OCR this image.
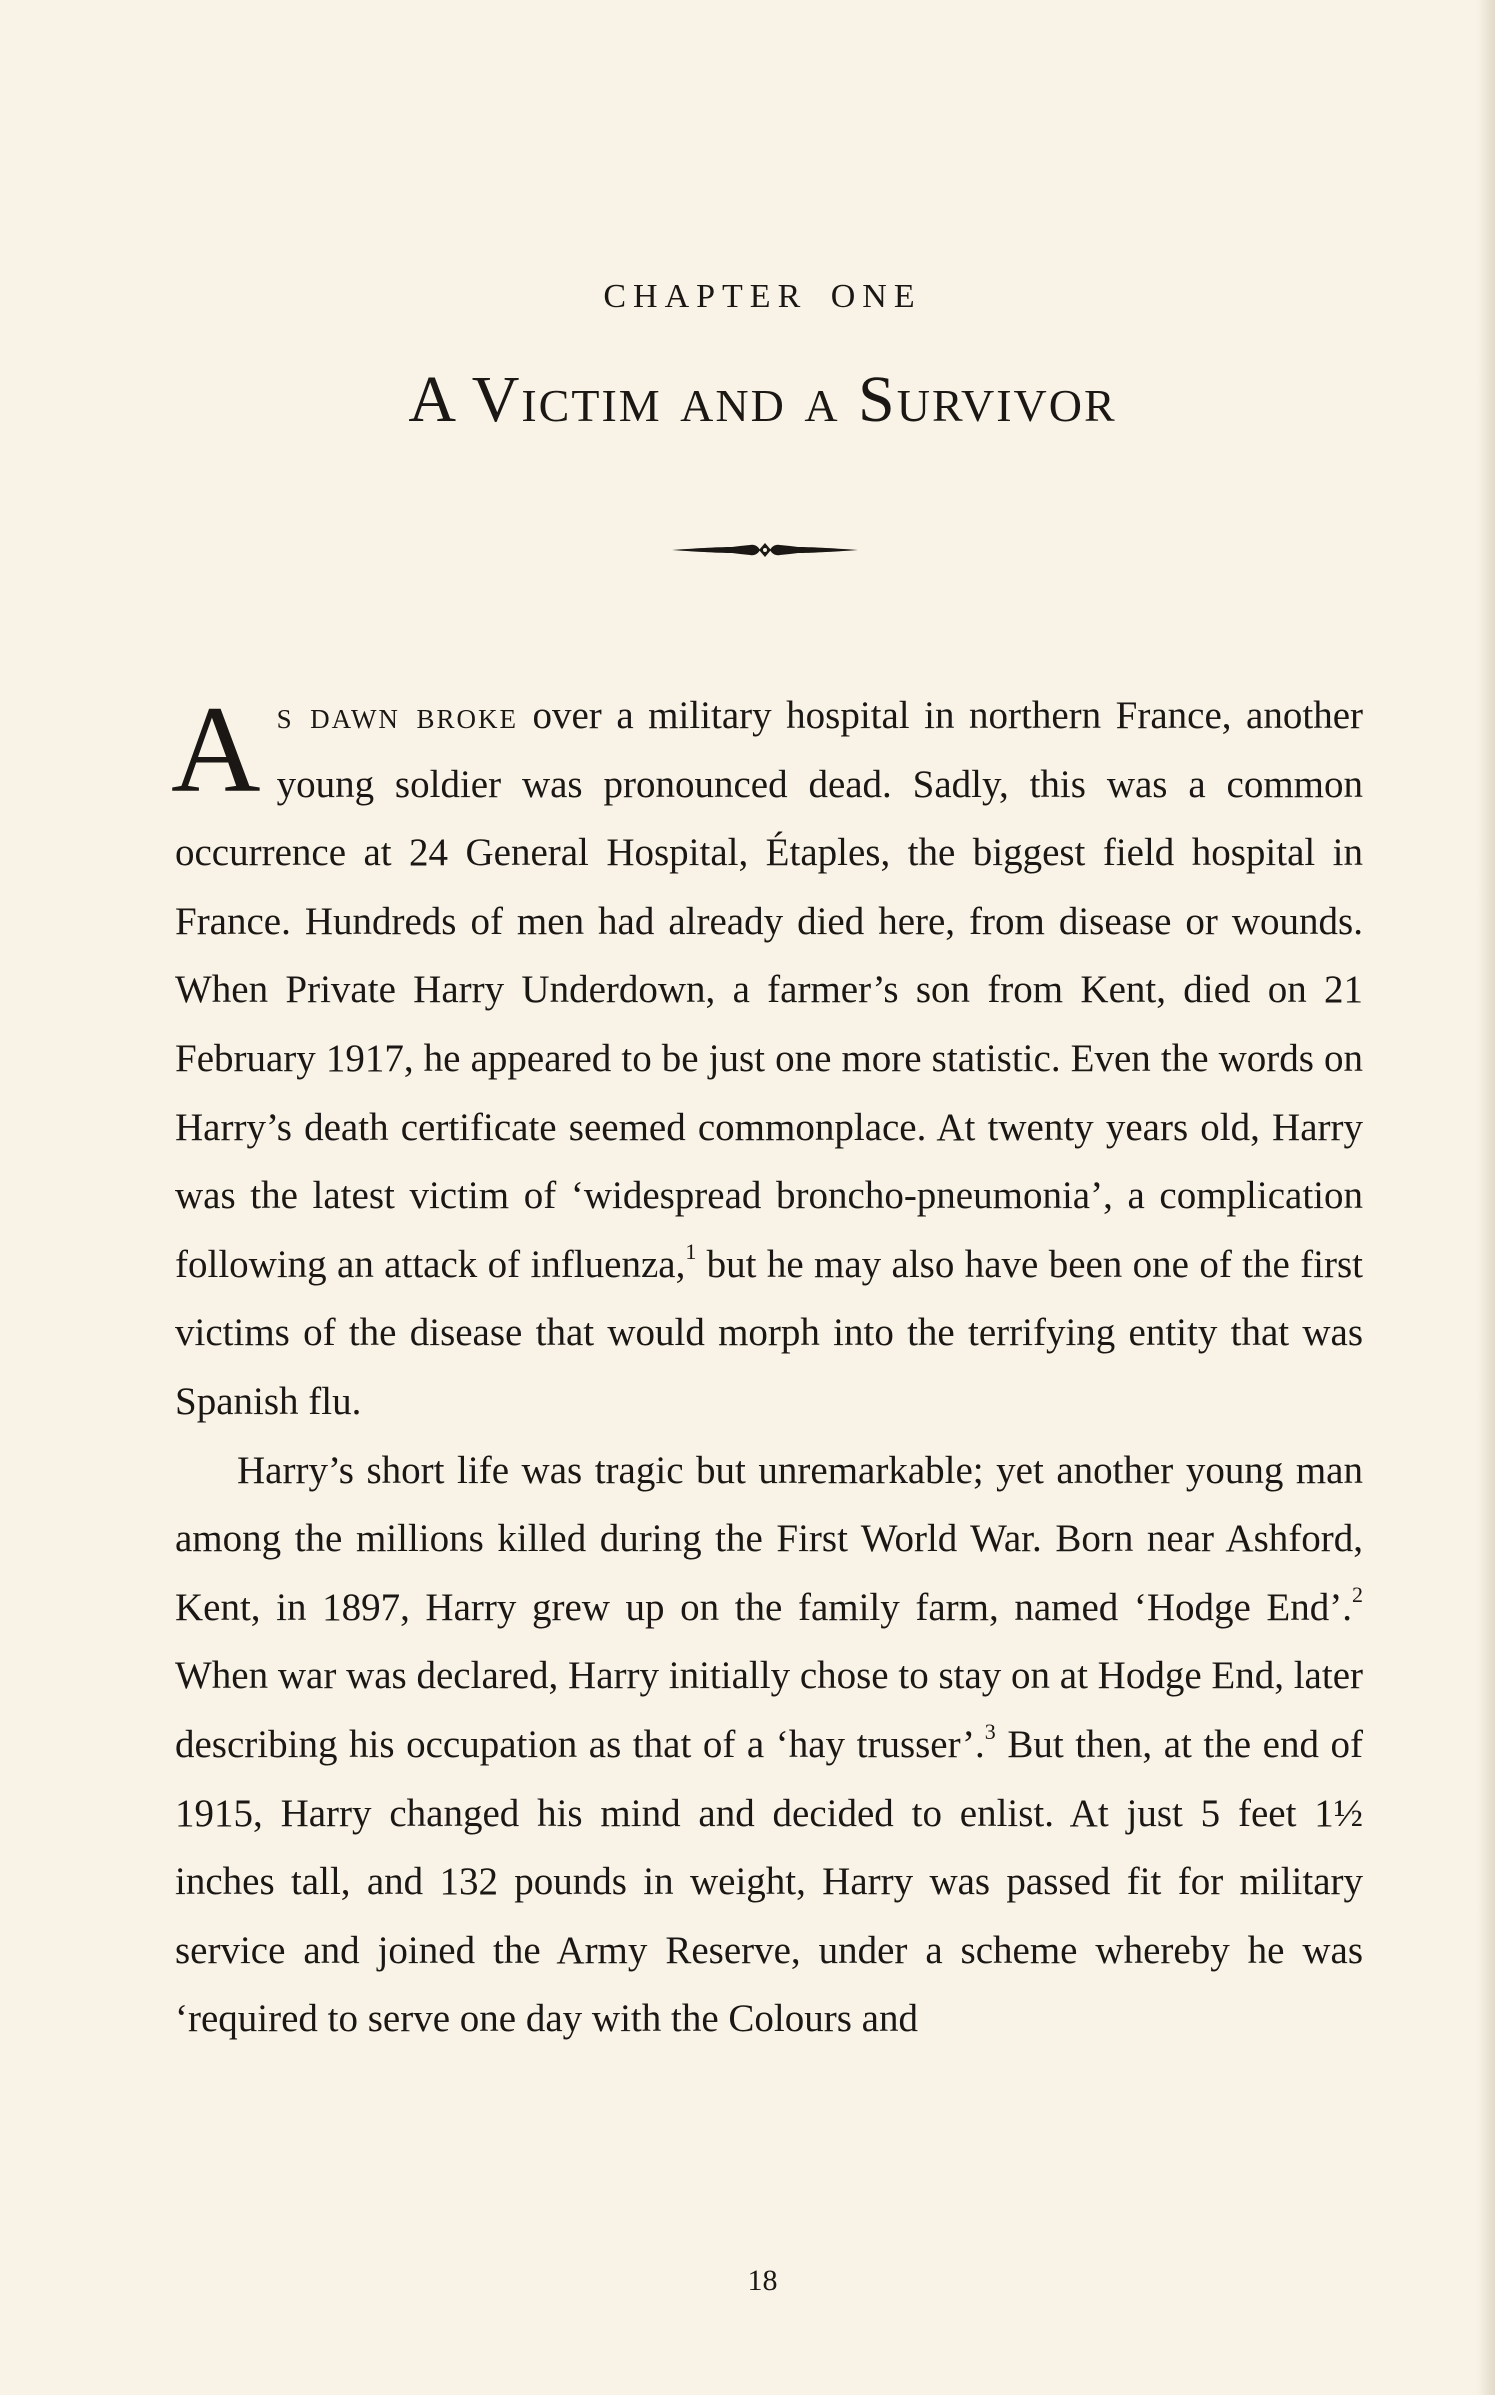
CHAPTER ONE
A Victim and a Survivor

As dawn broke over a military hospital in northern France, another young soldier was pronounced dead. Sadly, this was a common occurrence at 24 General Hospital, Étaples, the biggest field hospital in France. Hundreds of men had already died here, from disease or wounds. When Private Harry Underdown, a farmer’s son from Kent, died on 21 February 1917, he appeared to be just one more statistic. Even the words on Harry’s death certificate seemed commonplace. At twenty years old, Harry was the latest victim of ‘widespread broncho-pneumonia’, a complication following an attack of influenza,$^1$ but he may also have been one of the first victims of the disease that would morph into the terrifying entity that was Spanish flu.

Harry’s short life was tragic but unremarkable; yet another young man among the millions killed during the First World War. Born near Ashford, Kent, in 1897, Harry grew up on the family farm, named ‘Hodge End’.$^2$ When war was declared, Harry initially chose to stay on at Hodge End, later describing his occupation as that of a ‘hay trusser’.$^3$ But then, at the end of 1915, Harry changed his mind and decided to enlist. At just 5 feet 1½ inches tall, and 132 pounds in weight, Harry was passed fit for military service and joined the Army Reserve, under a scheme whereby he was ‘required to serve one day with the Colours and

18
